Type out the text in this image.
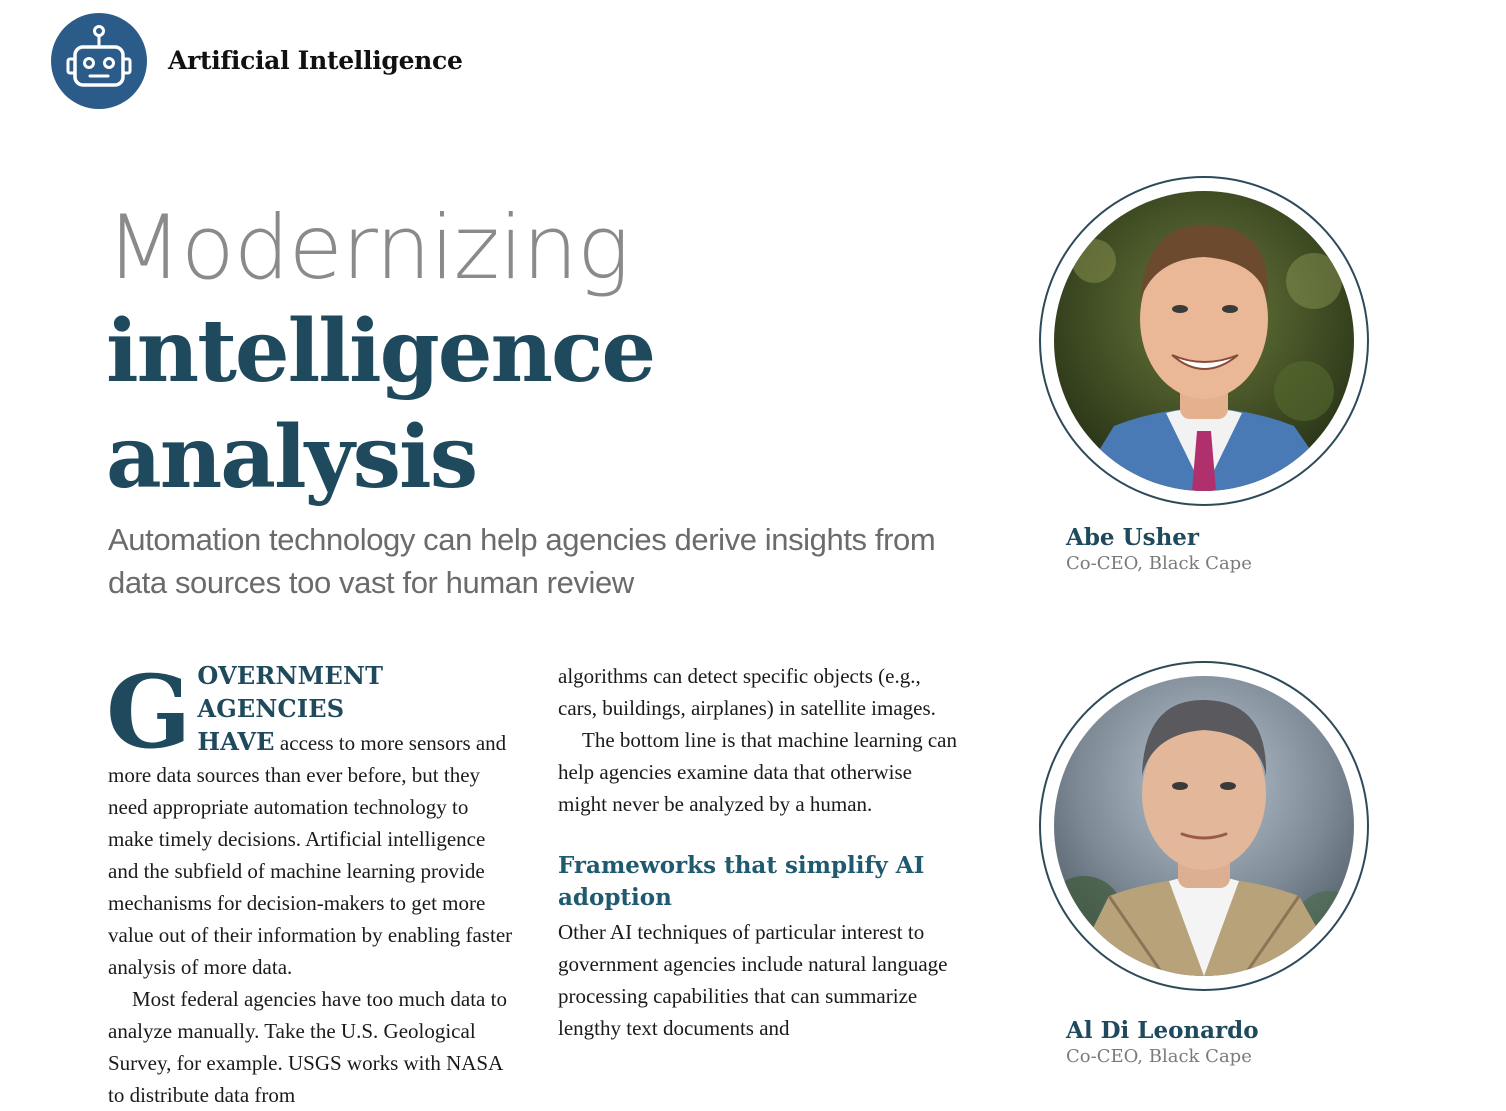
Artificial Intelligence
Modernizing
intelligence
analysis
Automation technology can help agencies derive insights from data sources too vast for human review

GOVERNMENT AGENCIES
HAVE access to more sensors and more data sources than ever before, but they need appropriate automation technology to make timely decisions. Artificial intelligence and the subfield of machine learning provide mechanisms for decision-makers to get more value out of their information by enabling faster analysis of more data.

Most federal agencies have too much data to analyze manually. Take the U.S. Geological Survey, for example. USGS works with NASA to distribute data from

algorithms can detect specific objects (e.g., cars, buildings, airplanes) in satellite images.

The bottom line is that machine learning can help agencies examine data that otherwise might never be analyzed by a human.

Frameworks that simplify AI adoption

Other AI techniques of particular interest to government agencies include natural language processing capabilities that can summarize lengthy text documents and

Abe Usher
Co-CEO, Black Cape
Al Di Leonardo
Co-CEO, Black Cape
